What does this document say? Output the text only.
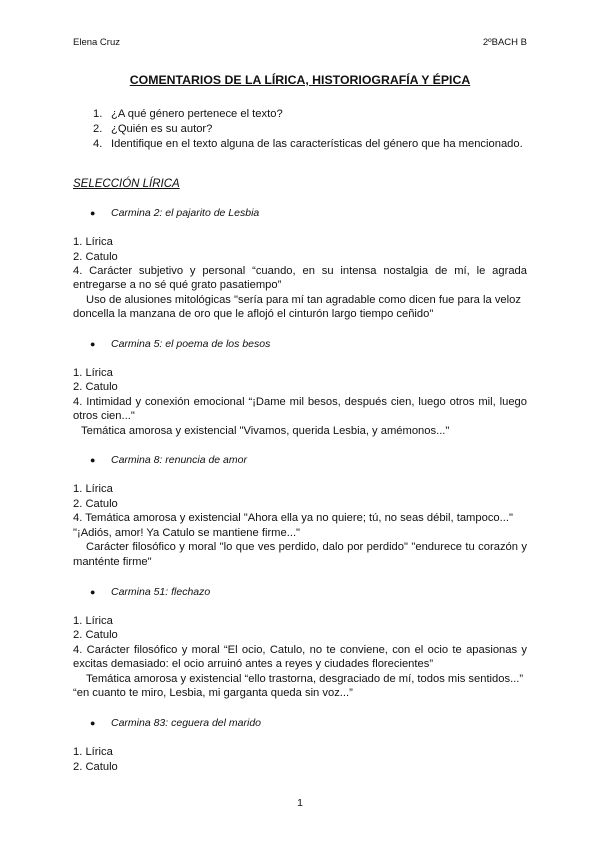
Elena Cruz	2ºBACH B
COMENTARIOS DE LA LÍRICA, HISTORIOGRAFÍA Y ÉPICA
1. ¿A qué género pertenece el texto?
2. ¿Quién es su autor?
4. Identifique en el texto alguna de las características del género que ha mencionado.
SELECCIÓN LÍRICA
● Carmina 2: el pajarito de Lesbia
1. Lírica
2. Catulo
4. Carácter subjetivo y personal “cuando, en su intensa nostalgia de mí, le agrada
entregarse a no sé qué grato pasatiempo”
Uso de alusiones mitológicas "sería para mí tan agradable como dicen fue para la veloz
doncella la manzana de oro que le aflojó el cinturón largo tiempo ceñido"
● Carmina 5: el poema de los besos
1. Lírica
2. Catulo
4. Intimidad y conexión emocional “¡Dame mil besos, después cien, luego otros mil, luego
otros cien..."
Temática amorosa y existencial "Vivamos, querida Lesbia, y amémonos..."
● Carmina 8: renuncia de amor
1. Lírica
2. Catulo
4. Temática amorosa y existencial "Ahora ella ya no quiere; tú, no seas débil, tampoco..."
"¡Adiós, amor! Ya Catulo se mantiene firme..."
Carácter filosófico y moral "lo que ves perdido, dalo por perdido" "endurece tu corazón y
manténte firme"
● Carmina 51: flechazo
1. Lírica
2. Catulo
4. Carácter filosófico y moral “El ocio, Catulo, no te conviene, con el ocio te apasionas y
excitas demasiado: el ocio arruinó antes a reyes y ciudades florecientes”
Temática amorosa y existencial “ello trastorna, desgraciado de mí, todos mis sentidos...”
“en cuanto te miro, Lesbia, mi garganta queda sin voz...”
● Carmina 83: ceguera del marido
1. Lírica
2. Catulo
1
